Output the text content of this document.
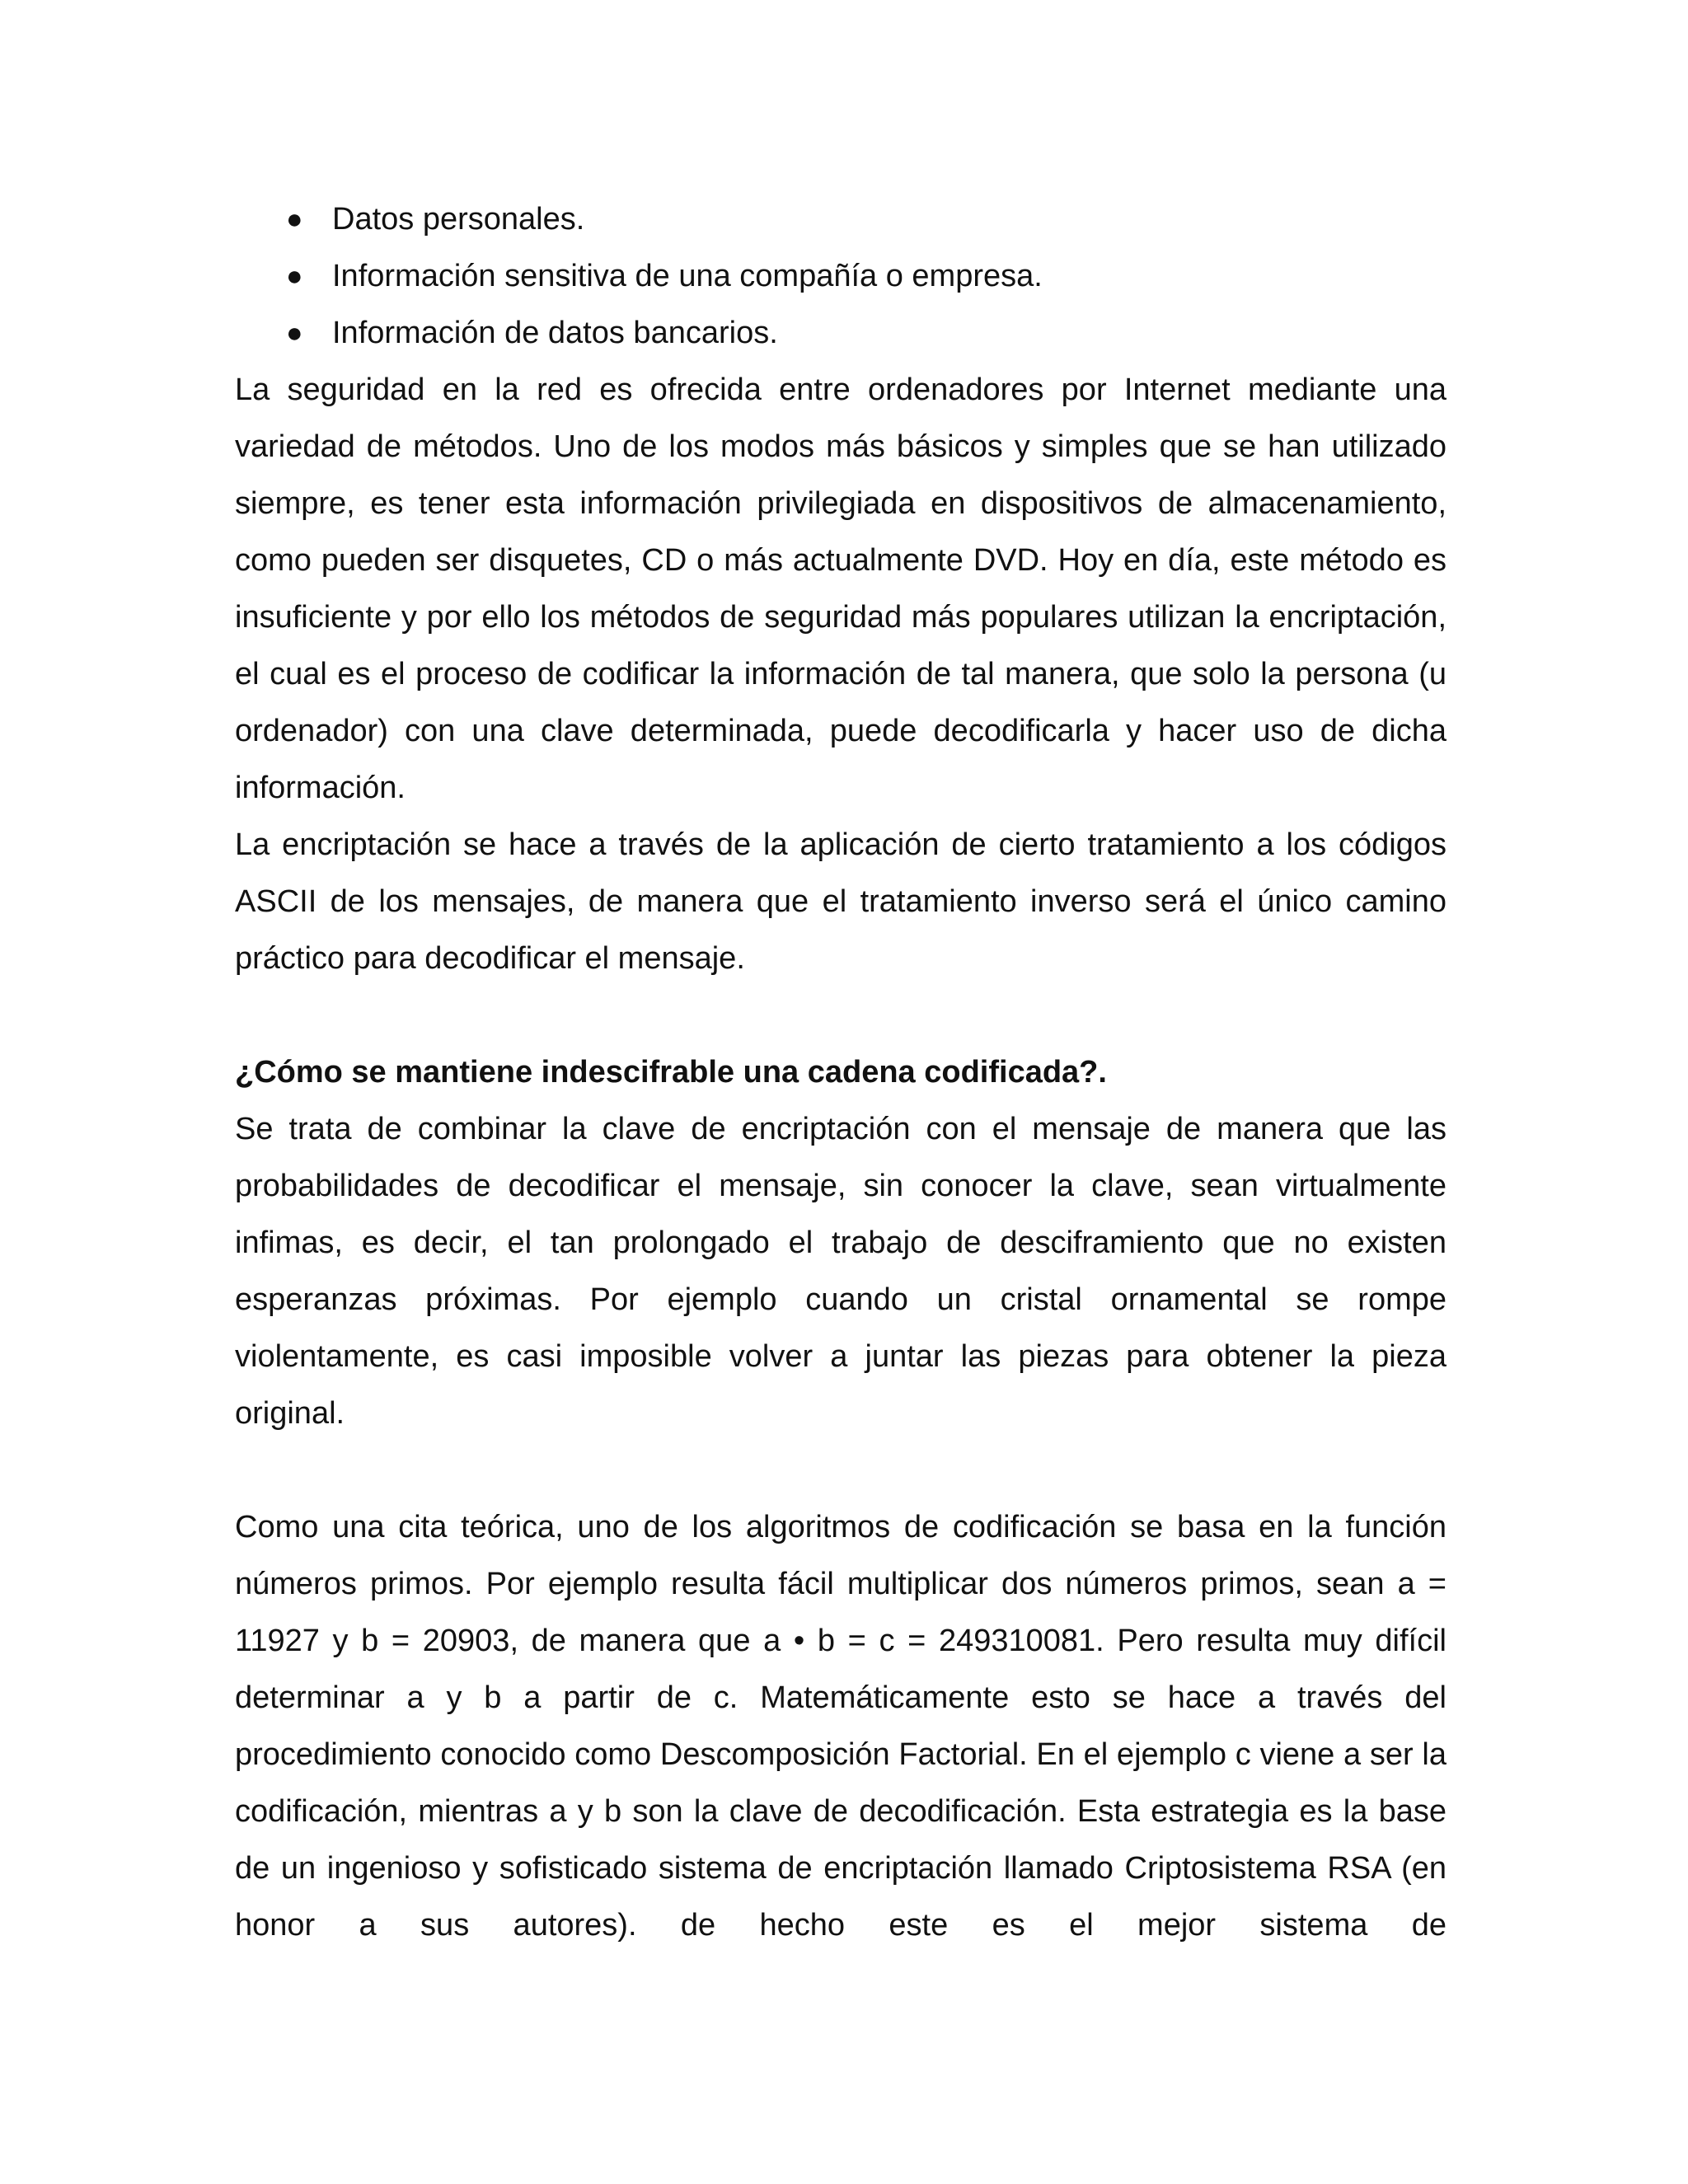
● Datos personales.
● Información sensitiva de una compañía o empresa.
● Información de datos bancarios.

La seguridad en la red es ofrecida entre ordenadores por Internet mediante una variedad de métodos. Uno de los modos más básicos y simples que se han utilizado siempre, es tener esta información privilegiada en dispositivos de almacenamiento, como pueden ser disquetes, CD o más actualmente DVD. Hoy en día, este método es insuficiente y por ello los métodos de seguridad más populares utilizan la encriptación, el cual es el proceso de codificar la información de tal manera, que solo la persona (u ordenador) con una clave determinada, puede decodificarla y hacer uso de dicha información.

La encriptación se hace a través de la aplicación de cierto tratamiento a los códigos ASCII de los mensajes, de manera que el tratamiento inverso será el único camino práctico para decodificar el mensaje.

¿Cómo se mantiene indescifrable una cadena codificada?.

Se trata de combinar la clave de encriptación con el mensaje de manera que las probabilidades de decodificar el mensaje, sin conocer la clave, sean virtualmente infimas, es decir, el tan prolongado el trabajo de desciframiento que no existen esperanzas próximas. Por ejemplo cuando un cristal ornamental se rompe violentamente, es casi imposible volver a juntar las piezas para obtener la pieza original.

Como una cita teórica, uno de los algoritmos de codificación se basa en la función números primos. Por ejemplo resulta fácil multiplicar dos números primos, sean a = 11927 y b = 20903, de manera que a • b = c = 249310081. Pero resulta muy difícil determinar a y b a partir de c. Matemáticamente esto se hace a través del procedimiento conocido como Descomposición Factorial. En el ejemplo c viene a ser la codificación, mientras a y b son la clave de decodificación. Esta estrategia es la base de un ingenioso y sofisticado sistema de encriptación llamado Criptosistema RSA (en honor a sus autores). de hecho este es el mejor sistema de
